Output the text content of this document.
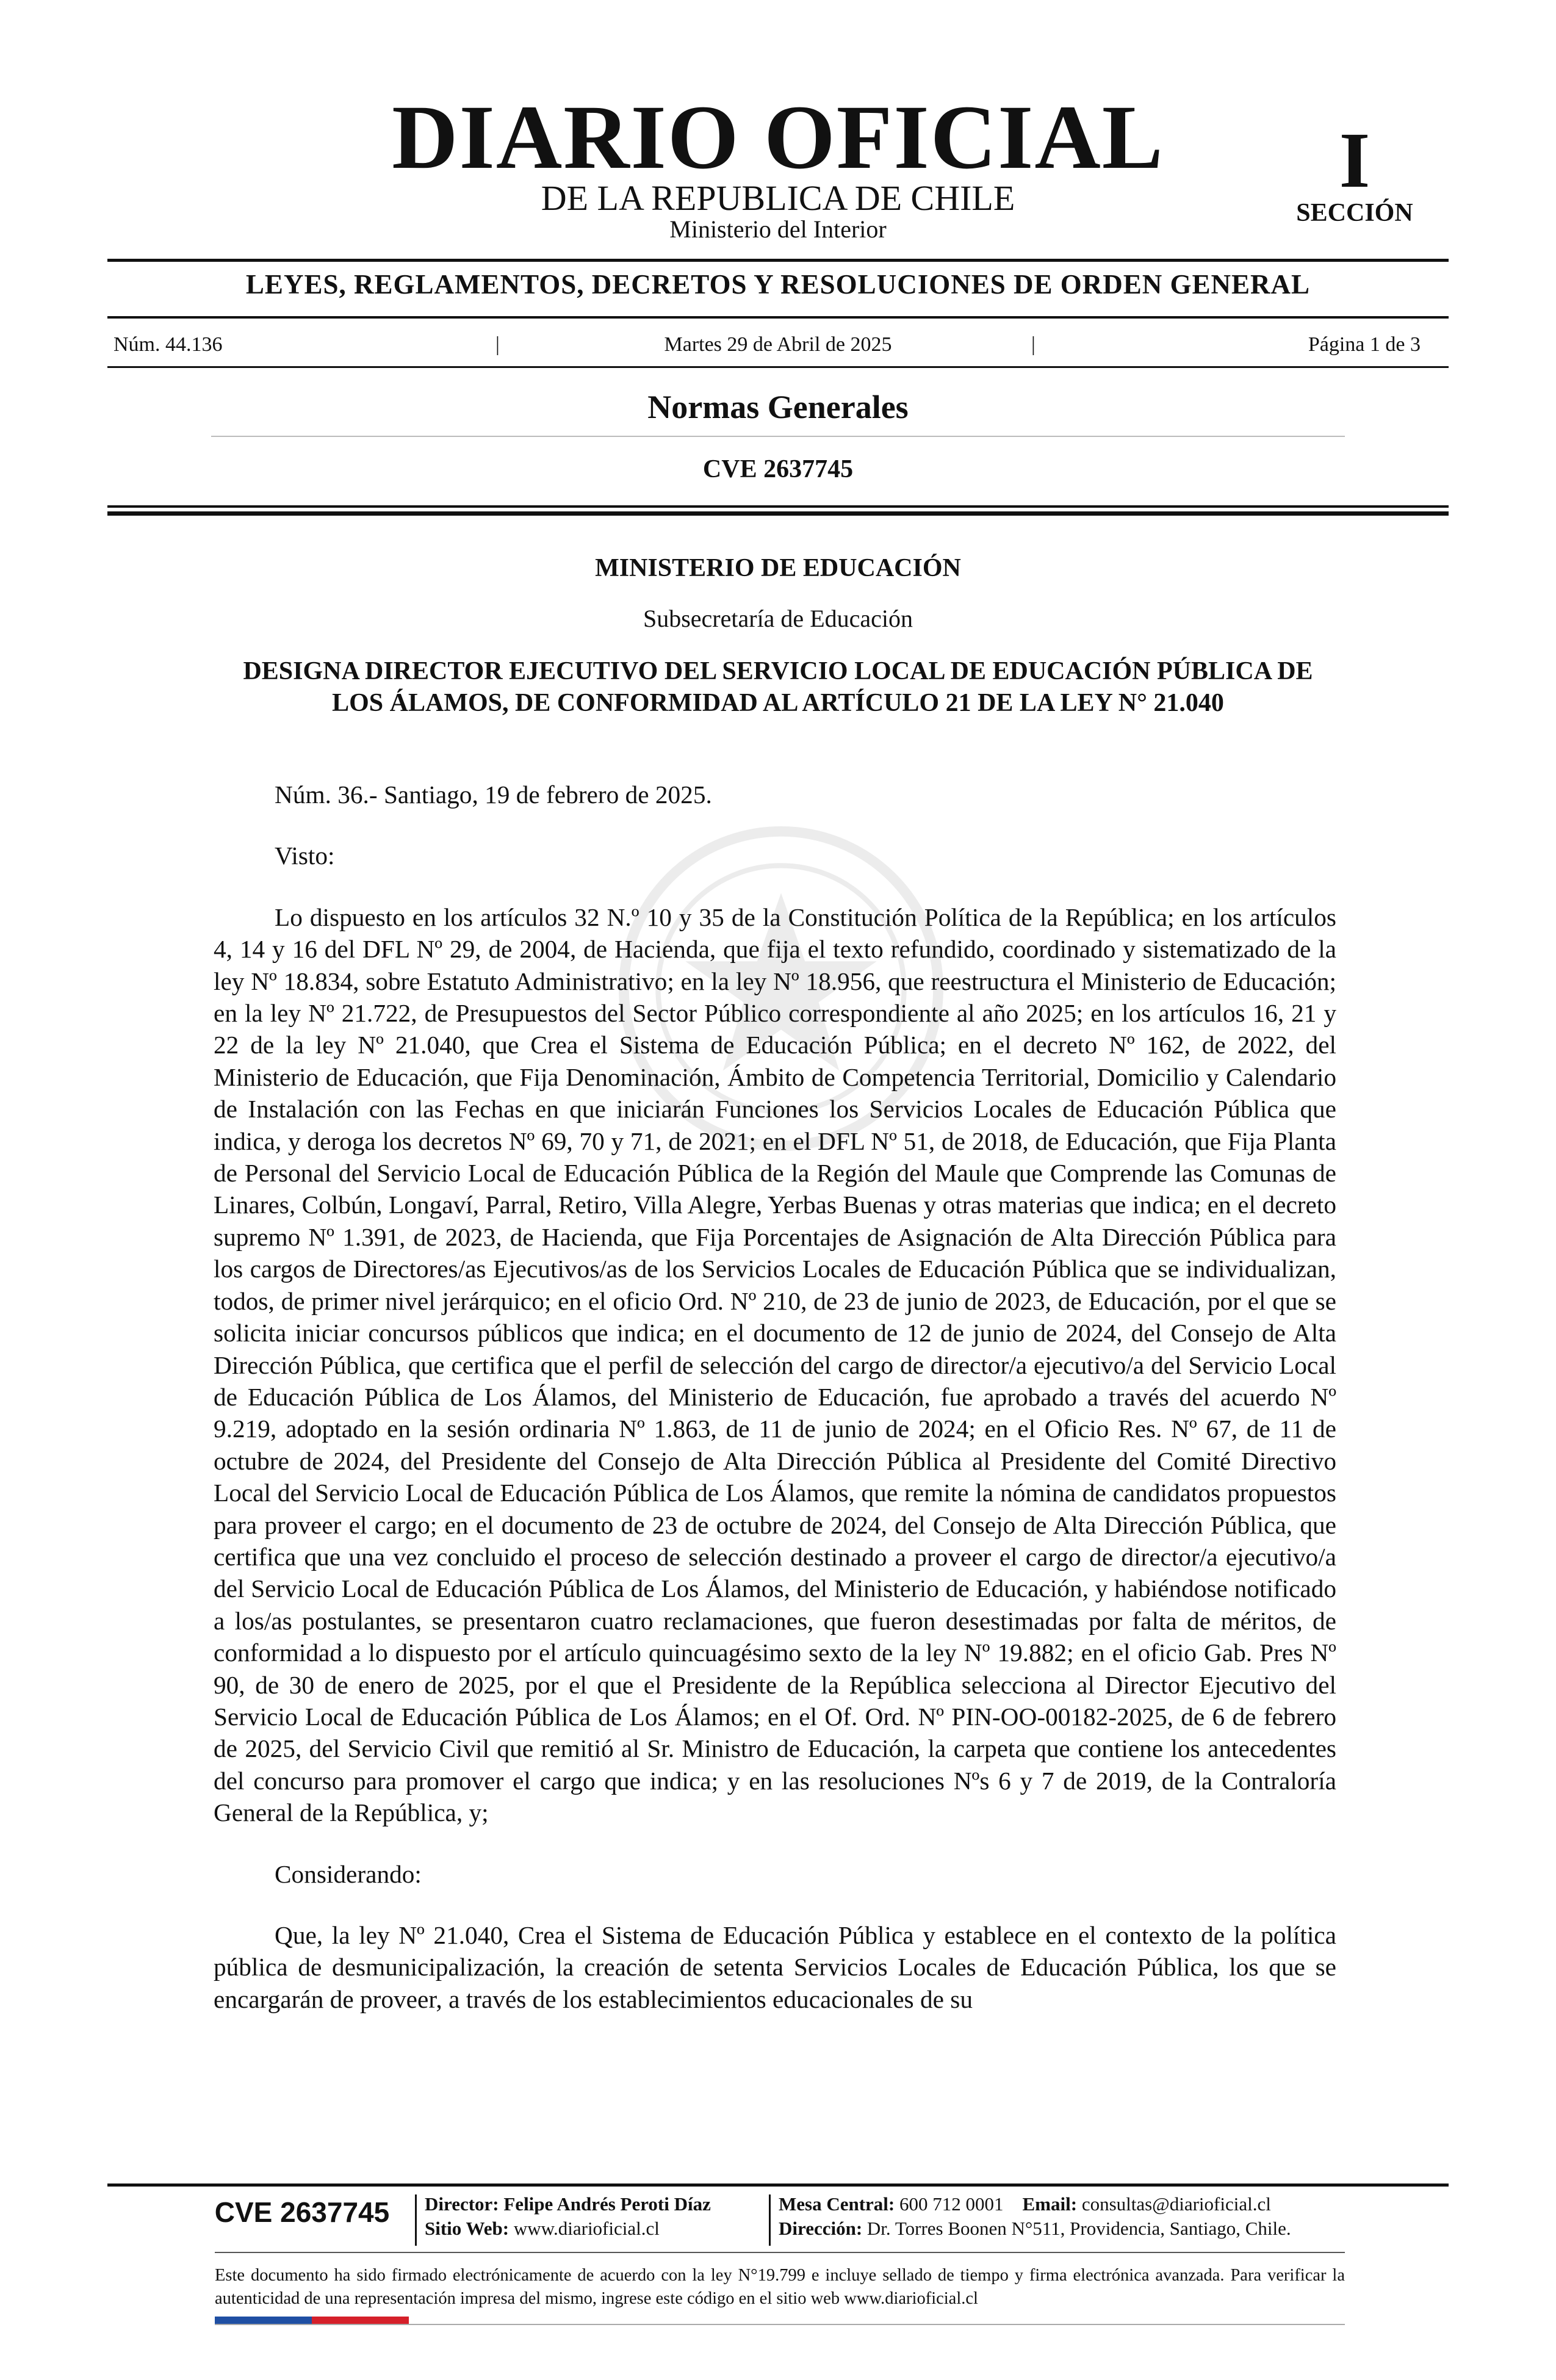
DIARIO OFICIAL
DE LA REPUBLICA DE CHILE
Ministerio del Interior
I
SECCIÓN
LEYES, REGLAMENTOS, DECRETOS Y RESOLUCIONES DE ORDEN GENERAL
Núm. 44.136	|	Martes 29 de Abril de 2025	|	Página 1 de 3
Normas Generales
CVE 2637745
MINISTERIO DE EDUCACIÓN
Subsecretaría de Educación
DESIGNA DIRECTOR EJECUTIVO DEL SERVICIO LOCAL DE EDUCACIÓN PÚBLICA DE LOS ÁLAMOS, DE CONFORMIDAD AL ARTÍCULO 21 DE LA LEY N° 21.040

Núm. 36.- Santiago, 19 de febrero de 2025.

Visto:

Lo dispuesto en los artículos 32 N.º 10 y 35 de la Constitución Política de la República; en los artículos 4, 14 y 16 del DFL Nº 29, de 2004, de Hacienda, que fija el texto refundido, coordinado y sistematizado de la ley Nº 18.834, sobre Estatuto Administrativo; en la ley Nº 18.956, que reestructura el Ministerio de Educación; en la ley Nº 21.722, de Presupuestos del Sector Público correspondiente al año 2025; en los artículos 16, 21 y 22 de la ley Nº 21.040, que Crea el Sistema de Educación Pública; en el decreto Nº 162, de 2022, del Ministerio de Educación, que Fija Denominación, Ámbito de Competencia Territorial, Domicilio y Calendario de Instalación con las Fechas en que iniciarán Funciones los Servicios Locales de Educación Pública que indica, y deroga los decretos Nº 69, 70 y 71, de 2021; en el DFL Nº 51, de 2018, de Educación, que Fija Planta de Personal del Servicio Local de Educación Pública de la Región del Maule que Comprende las Comunas de Linares, Colbún, Longaví, Parral, Retiro, Villa Alegre, Yerbas Buenas y otras materias que indica; en el decreto supremo Nº 1.391, de 2023, de Hacienda, que Fija Porcentajes de Asignación de Alta Dirección Pública para los cargos de Directores/as Ejecutivos/as de los Servicios Locales de Educación Pública que se individualizan, todos, de primer nivel jerárquico; en el oficio Ord. Nº 210, de 23 de junio de 2023, de Educación, por el que se solicita iniciar concursos públicos que indica; en el documento de 12 de junio de 2024, del Consejo de Alta Dirección Pública, que certifica que el perfil de selección del cargo de director/a ejecutivo/a del Servicio Local de Educación Pública de Los Álamos, del Ministerio de Educación, fue aprobado a través del acuerdo Nº 9.219, adoptado en la sesión ordinaria Nº 1.863, de 11 de junio de 2024; en el Oficio Res. Nº 67, de 11 de octubre de 2024, del Presidente del Consejo de Alta Dirección Pública al Presidente del Comité Directivo Local del Servicio Local de Educación Pública de Los Álamos, que remite la nómina de candidatos propuestos para proveer el cargo; en el documento de 23 de octubre de 2024, del Consejo de Alta Dirección Pública, que certifica que una vez concluido el proceso de selección destinado a proveer el cargo de director/a ejecutivo/a del Servicio Local de Educación Pública de Los Álamos, del Ministerio de Educación, y habiéndose notificado a los/as postulantes, se presentaron cuatro reclamaciones, que fueron desestimadas por falta de méritos, de conformidad a lo dispuesto por el artículo quincuagésimo sexto de la ley Nº 19.882; en el oficio Gab. Pres Nº 90, de 30 de enero de 2025, por el que el Presidente de la República selecciona al Director Ejecutivo del Servicio Local de Educación Pública de Los Álamos; en el Of. Ord. Nº PIN-OO-00182-2025, de 6 de febrero de 2025, del Servicio Civil que remitió al Sr. Ministro de Educación, la carpeta que contiene los antecedentes del concurso para promover el cargo que indica; y en las resoluciones Nºs 6 y 7 de 2019, de la Contraloría General de la República, y;

Considerando:

Que, la ley Nº 21.040, Crea el Sistema de Educación Pública y establece en el contexto de la política pública de desmunicipalización, la creación de setenta Servicios Locales de Educación Pública, los que se encargarán de proveer, a través de los establecimientos educacionales de su

CVE 2637745	Director: Felipe Andrés Peroti Díaz
Sitio Web: www.diarioficial.cl
Mesa Central: 600 712 0001 Email: consultas@diarioficial.cl
Dirección: Dr. Torres Boonen N°511, Providencia, Santiago, Chile.
Este documento ha sido firmado electrónicamente de acuerdo con la ley N°19.799 e incluye sellado de tiempo y firma electrónica avanzada. Para verificar la autenticidad de una representación impresa del mismo, ingrese este código en el sitio web www.diarioficial.cl
